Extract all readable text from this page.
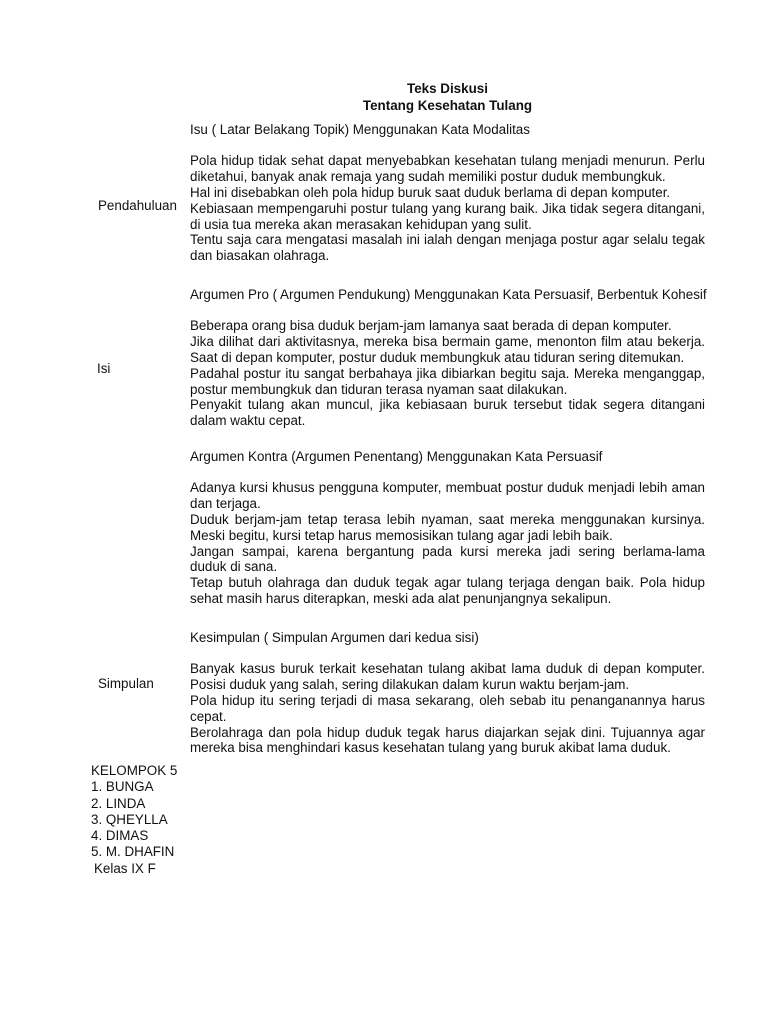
Teks Diskusi
Tentang Kesehatan Tulang
Pendahuluan

Isu ( Latar Belakang Topik) Menggunakan Kata Modalitas

Pola hidup tidak sehat dapat menyebabkan kesehatan tulang menjadi menurun. Perlu diketahui, banyak anak remaja yang sudah memiliki postur duduk membungkuk.

Hal ini disebabkan oleh pola hidup buruk saat duduk berlama di depan komputer.

Kebiasaan mempengaruhi postur tulang yang kurang baik. Jika tidak segera ditangani, di usia tua mereka akan merasakan kehidupan yang sulit.

Tentu saja cara mengatasi masalah ini ialah dengan menjaga postur agar selalu tegak dan biasakan olahraga.

Isi

Argumen Pro ( Argumen Pendukung) Menggunakan Kata Persuasif, Berbentuk Kohesif

Beberapa orang bisa duduk berjam-jam lamanya saat berada di depan komputer.

Jika dilihat dari aktivitasnya, mereka bisa bermain game, menonton film atau bekerja. Saat di depan komputer, postur duduk membungkuk atau tiduran sering ditemukan.

Padahal postur itu sangat berbahaya jika dibiarkan begitu saja. Mereka menganggap, postur membungkuk dan tiduran terasa nyaman saat dilakukan.

Penyakit tulang akan muncul, jika kebiasaan buruk tersebut tidak segera ditangani dalam waktu cepat.

Argumen Kontra (Argumen Penentang) Menggunakan Kata Persuasif

Adanya kursi khusus pengguna komputer, membuat postur duduk menjadi lebih aman dan terjaga.

Duduk berjam-jam tetap terasa lebih nyaman, saat mereka menggunakan kursinya. Meski begitu, kursi tetap harus memosisikan tulang agar jadi lebih baik.

Jangan sampai, karena bergantung pada kursi mereka jadi sering berlama-lama duduk di sana.

Tetap butuh olahraga dan duduk tegak agar tulang terjaga dengan baik. Pola hidup sehat masih harus diterapkan, meski ada alat penunjangnya sekalipun.

Simpulan

Kesimpulan ( Simpulan Argumen dari kedua sisi)

Banyak kasus buruk terkait kesehatan tulang akibat lama duduk di depan komputer. Posisi duduk yang salah, sering dilakukan dalam kurun waktu berjam-jam.

Pola hidup itu sering terjadi di masa sekarang, oleh sebab itu penanganannya harus cepat.

Berolahraga dan pola hidup duduk tegak harus diajarkan sejak dini. Tujuannya agar mereka bisa menghindari kasus kesehatan tulang yang buruk akibat lama duduk.

KELOMPOK 5
1. BUNGA
2. LINDA
3. QHEYLLA
4. DIMAS
5. M. DHAFIN
Kelas IX F
